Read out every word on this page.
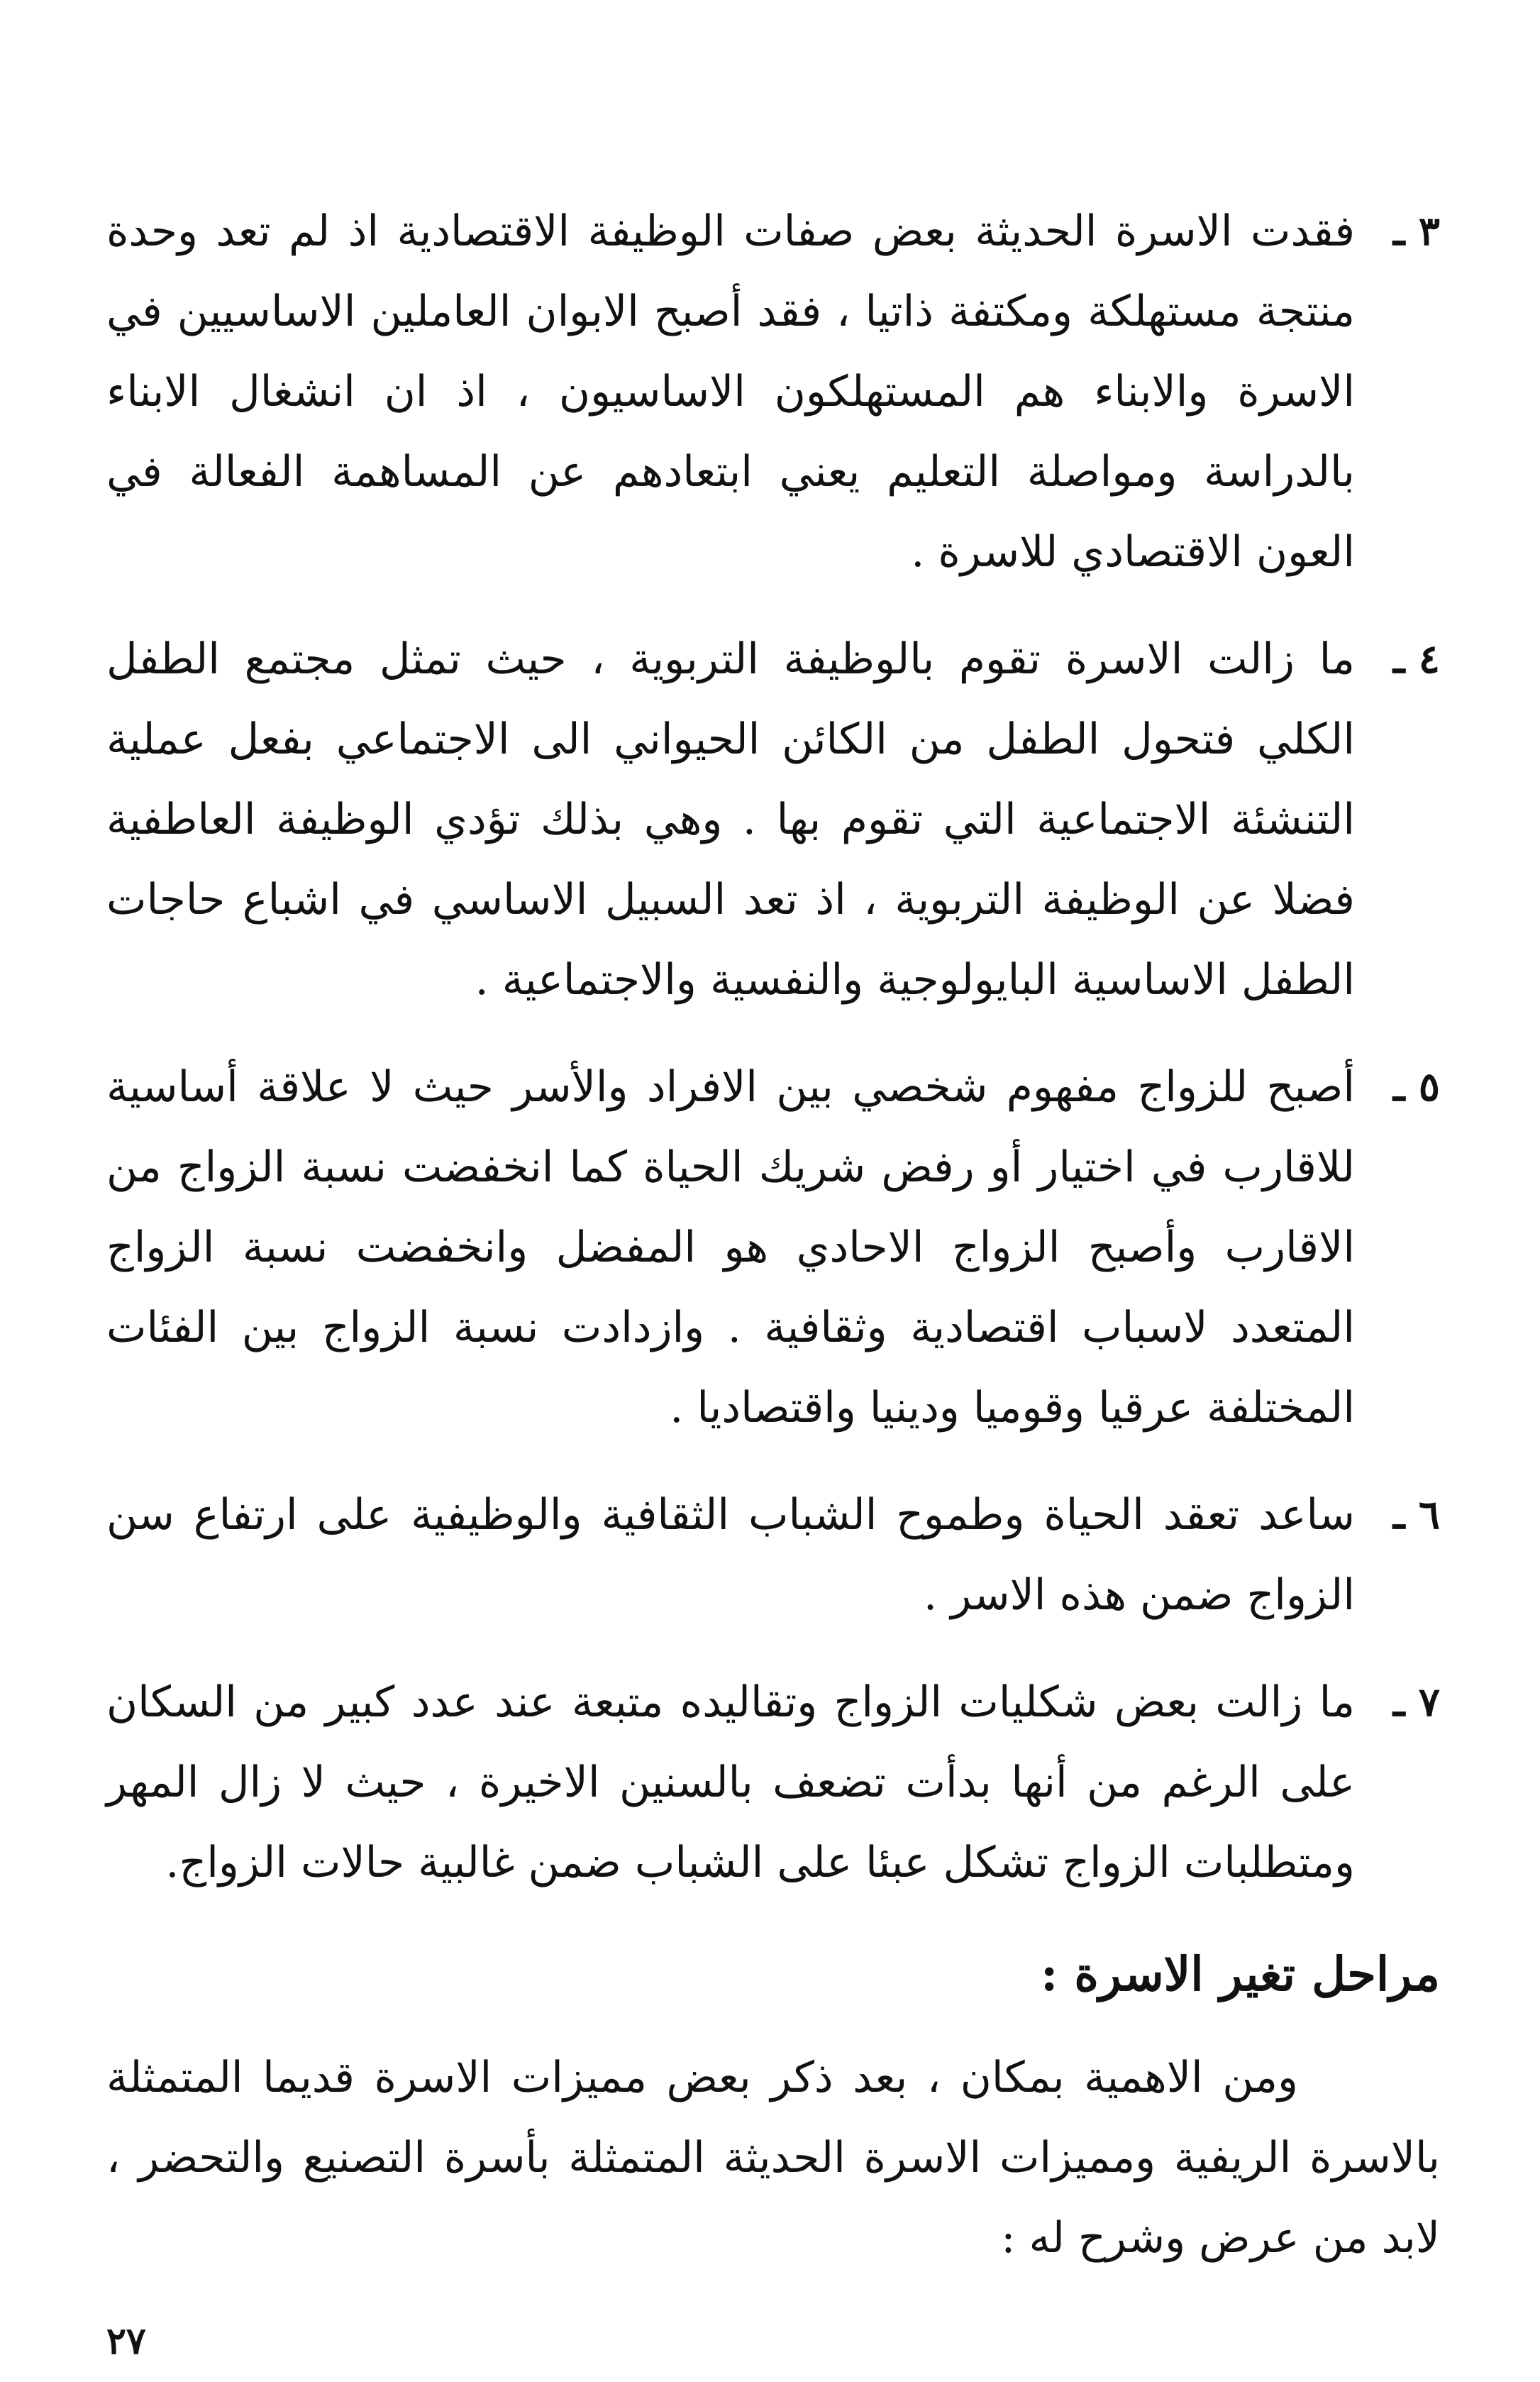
٣ ـ
فقدت الاسرة الحديثة بعض صفات الوظيفة الاقتصادية اذ لم تعد وحدة منتجة مستهلكة ومكتفة ذاتيا ، فقد أصبح الابوان العاملين الاساسيين في الاسرة والابناء هم المستهلكون الاساسيون ، اذ ان انشغال الابناء بالدراسة ومواصلة التعليم يعني ابتعادهم عن المساهمة الفعالة في العون الاقتصادي للاسرة .
٤ ـ
ما زالت الاسرة تقوم بالوظيفة التربوية ، حيث تمثل مجتمع الطفل الكلي فتحول الطفل من الكائن الحيواني الى الاجتماعي بفعل عملية التنشئة الاجتماعية التي تقوم بها . وهي بذلك تؤدي الوظيفة العاطفية فضلا عن الوظيفة التربوية ، اذ تعد السبيل الاساسي في اشباع حاجات الطفل الاساسية البايولوجية والنفسية والاجتماعية .
٥ ـ
أصبح للزواج مفهوم شخصي بين الافراد والأسر حيث لا علاقة أساسية للاقارب في اختيار أو رفض شريك الحياة كما انخفضت نسبة الزواج من الاقارب وأصبح الزواج الاحادي هو المفضل وانخفضت نسبة الزواج المتعدد لاسباب اقتصادية وثقافية . وازدادت نسبة الزواج بين الفئات المختلفة عرقيا وقوميا ودينيا واقتصاديا .
٦ ـ
ساعد تعقد الحياة وطموح الشباب الثقافية والوظيفية على ارتفاع سن الزواج ضمن هذه الاسر .
٧ ـ
ما زالت بعض شكليات الزواج وتقاليده متبعة عند عدد كبير من السكان على الرغم من أنها بدأت تضعف بالسنين الاخيرة ، حيث لا زال المهر ومتطلبات الزواج تشكل عبئا على الشباب ضمن غالبية حالات الزواج.
مراحل تغير الاسرة :
ومن الاهمية بمكان ، بعد ذكر بعض مميزات الاسرة قديما المتمثلة بالاسرة الريفية ومميزات الاسرة الحديثة المتمثلة بأسرة التصنيع والتحضر ، لابد من عرض وشرح له :
٢٧
